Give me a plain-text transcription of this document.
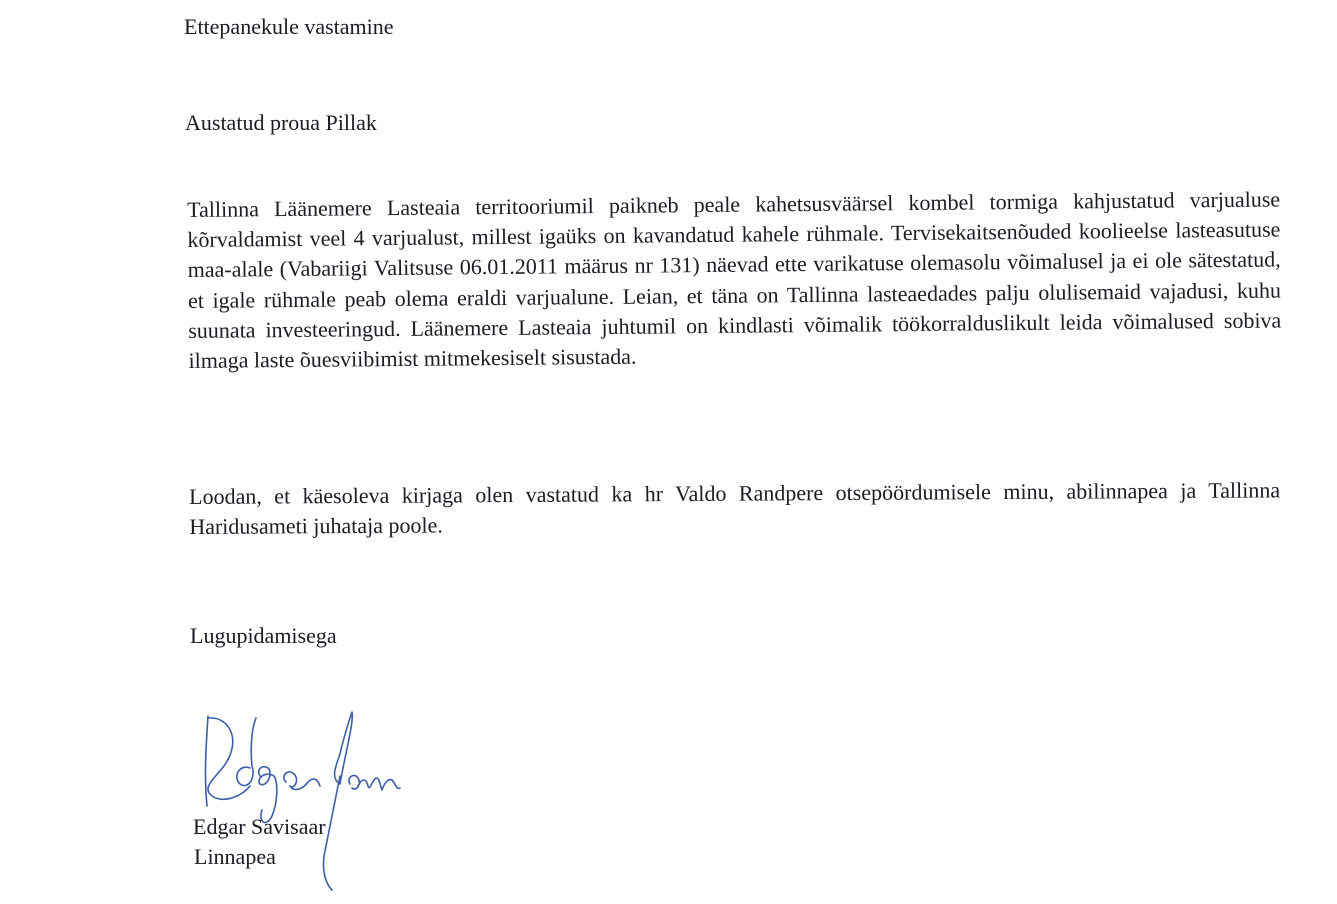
Ettepanekule vastamine
Austatud proua Pillak
Tallinna Läänemere Lasteaia territooriumil paikneb peale kahetsusväärsel kombel tormiga kahjustatud varjualuse kõrvaldamist veel 4 varjualust, millest igaüks on kavandatud kahele rühmale. Tervisekaitsenõuded koolieelse lasteasutuse maa-alale (Vabariigi Valitsuse 06.01.2011 määrus nr 131) näevad ette varikatuse olemasolu võimalusel ja ei ole sätestatud, et igale rühmale peab olema eraldi varjualune. Leian, et täna on Tallinna lasteaedades palju olulisemaid vajadusi, kuhu suunata investeeringud. Läänemere Lasteaia juhtumil on kindlasti võimalik töökorralduslikult leida võimalused sobiva ilmaga laste õuesviibimist mitmekesiselt sisustada.
Loodan, et käesoleva kirjaga olen vastatud ka hr Valdo Randpere otsepöördumisele minu, abilinnapea ja Tallinna Haridusameti juhataja poole.
Lugupidamisega
Edgar Savisaar
Linnapea
